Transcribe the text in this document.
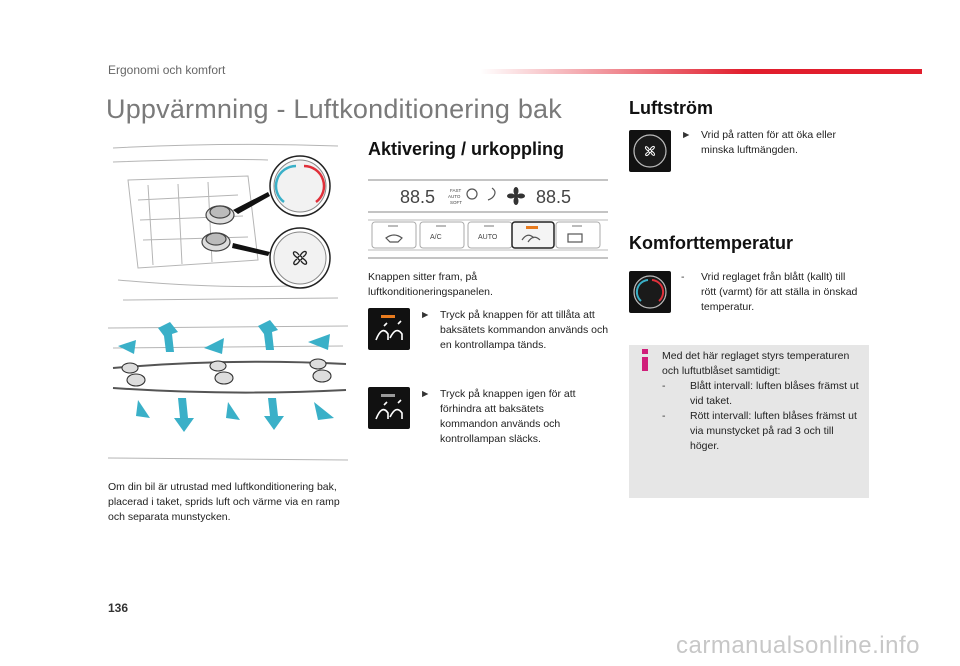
Ergonomi och komfort
Uppvärmning - Luftkonditionering bak
Om din bil är utrustad med luftkonditionering bak, placerad i taket, sprids luft och värme via en ramp och separata munstycken.
Aktivering / urkoppling
A/C	AUTO
88.5	88.5
FAST
AUTO
SOFT
Knappen sitter fram, på luftkonditioneringspanelen.
► Tryck på knappen för att tillåta att baksätets kommandon används och en kontrollampa tänds.
► Tryck på knappen igen för att förhindra att baksätets kommandon används och kontrollampan släcks.
Luftström
► Vrid på ratten för att öka eller minska luftmängden.
Komforttemperatur
-	Vrid reglaget från blått (kallt) till rött (varmt) för att ställa in önskad temperatur.
Med det här reglaget styrs temperaturen och luftutblåset samtidigt:
-	Blått intervall: luften blåses främst ut vid taket.
-	Rött intervall: luften blåses främst ut via munstycket på rad 3 och till höger.
136
carmanualsonline.info
